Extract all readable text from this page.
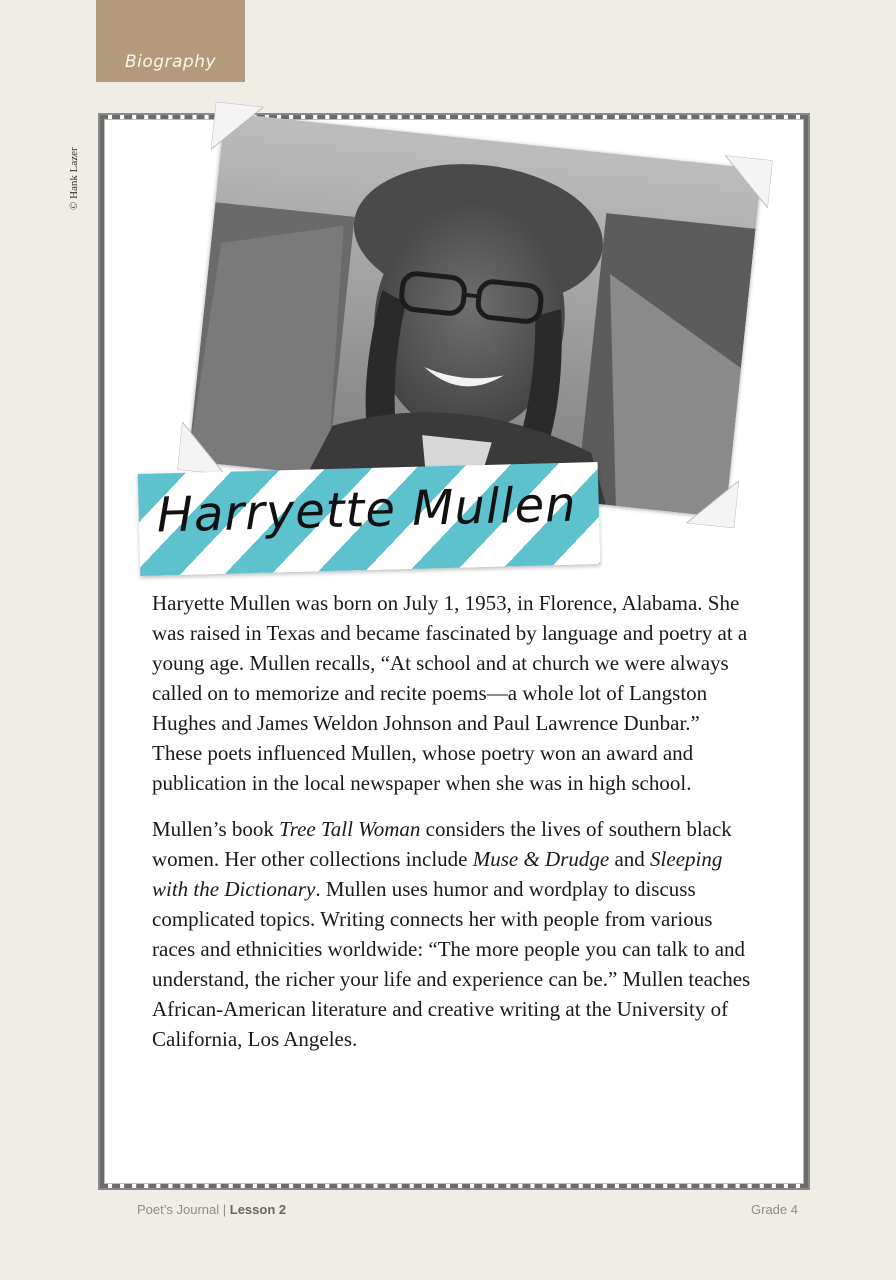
Biography
© Hank Lazer
Harryette Mullen

Haryette Mullen was born on July 1, 1953, in Florence, Alabama. She was raised in Texas and became fascinated by language and poetry at a young age. Mullen recalls, “At school and at church we were always called on to memorize and recite poems—a whole lot of Langston Hughes and James Weldon Johnson and Paul Lawrence Dunbar.” These poets influenced Mullen, whose poetry won an award and publication in the local newspaper when she was in high school.

Mullen’s book Tree Tall Woman considers the lives of southern black women. Her other collections include Muse & Drudge and Sleeping with the Dictionary. Mullen uses humor and wordplay to discuss complicated topics. Writing connects her with people from various races and ethnicities worldwide: “The more people you can talk to and understand, the richer your life and experience can be.” Mullen teaches African-American literature and creative writing at the University of California, Los Angeles.

Poet’s Journal | Lesson 2	Grade 4
